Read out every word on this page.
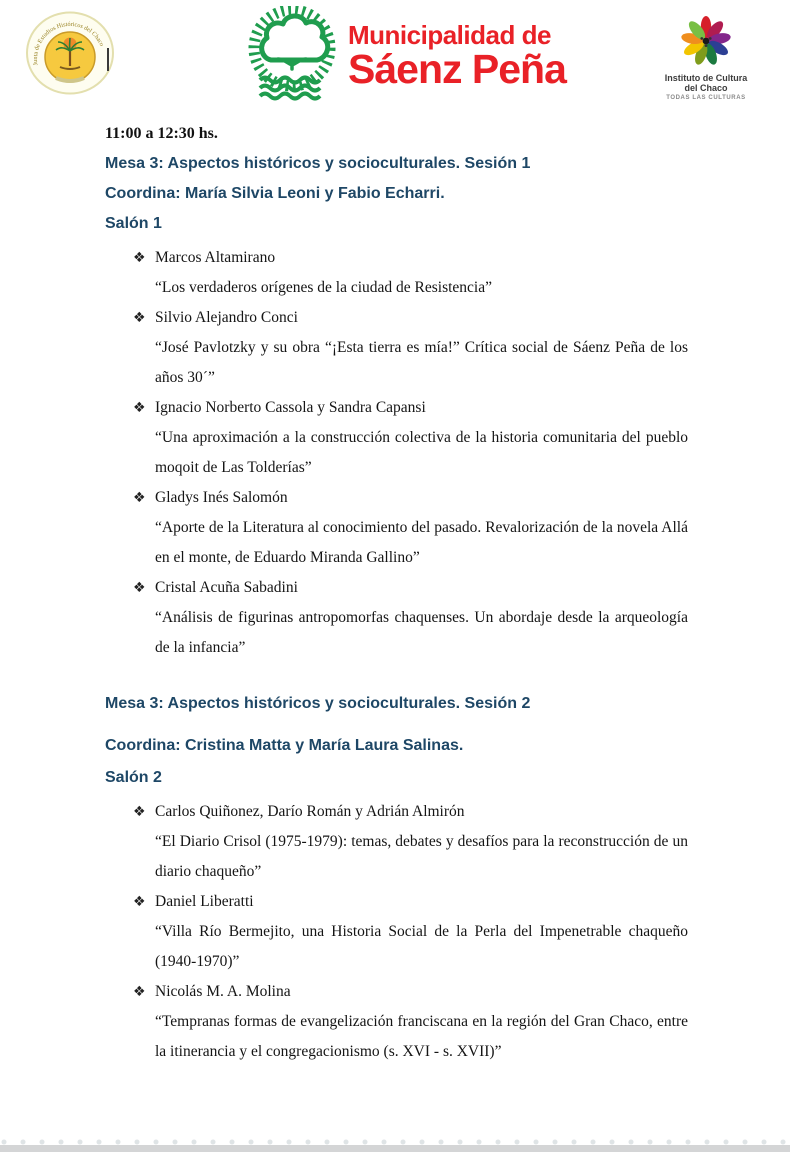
Junta de Estudios Históricos del Chaco	Municipalidad de
Sáenz Peña	Instituto de Cultura
del Chaco
TODAS LAS CULTURAS

11:00 a 12:30 hs.

Mesa 3: Aspectos históricos y socioculturales. Sesión 1
Coordina: María Silvia Leoni y Fabio Echarri.
Salón 1
❖ Marcos Altamirano
“Los verdaderos orígenes de la ciudad de Resistencia”
❖ Silvio Alejandro Conci
“José Pavlotzky y su obra “¡Esta tierra es mía!” Crítica social de Sáenz Peña de los años 30´”
❖ Ignacio Norberto Cassola y Sandra Capansi
“Una aproximación a la construcción colectiva de la historia comunitaria del pueblo moqoit de Las Tolderías”
❖ Gladys Inés Salomón
“Aporte de la Literatura al conocimiento del pasado. Revalorización de la novela Allá en el monte, de Eduardo Miranda Gallino”
❖ Cristal Acuña Sabadini
“Análisis de figurinas antropomorfas chaquenses. Un abordaje desde la arqueología de la infancia”
Mesa 3: Aspectos históricos y socioculturales. Sesión 2
Coordina: Cristina Matta y María Laura Salinas.
Salón 2
❖ Carlos Quiñonez, Darío Román y Adrián Almirón
“El Diario Crisol (1975-1979): temas, debates y desafíos para la reconstrucción de un diario chaqueño”
❖ Daniel Liberatti
“Villa Río Bermejito, una Historia Social de la Perla del Impenetrable chaqueño (1940-1970)”
❖ Nicolás M. A. Molina
“Tempranas formas de evangelización franciscana en la región del Gran Chaco, entre la itinerancia y el congregacionismo (s. XVI - s. XVII)”
